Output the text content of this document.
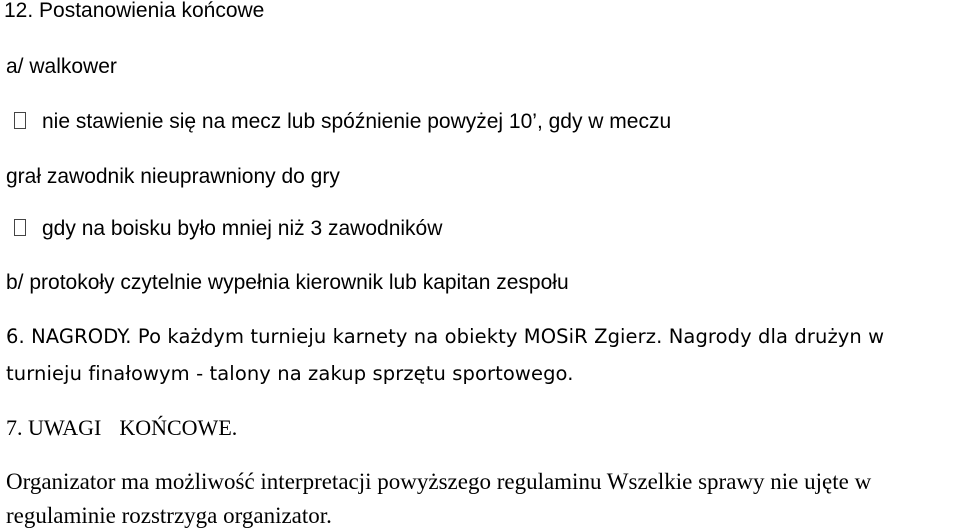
12. Postanowienia końcowe
a/ walkower
nie stawienie się na mecz lub spóźnienie powyżej 10’, gdy w meczu
grał zawodnik nieuprawniony do gry
gdy na boisku było mniej niż 3 zawodników
b/ protokoły czytelnie wypełnia kierownik lub kapitan zespołu
6. NAGRODY. Po każdym turnieju karnety na obiekty MOSiR Zgierz. Nagrody dla drużyn w
turnieju finałowym - talony na zakup sprzętu sportowego.
7. UWAGI KOŃCOWE.
Organizator ma możliwość interpretacji powyższego regulaminu Wszelkie sprawy nie ujęte w
regulaminie rozstrzyga organizator.
